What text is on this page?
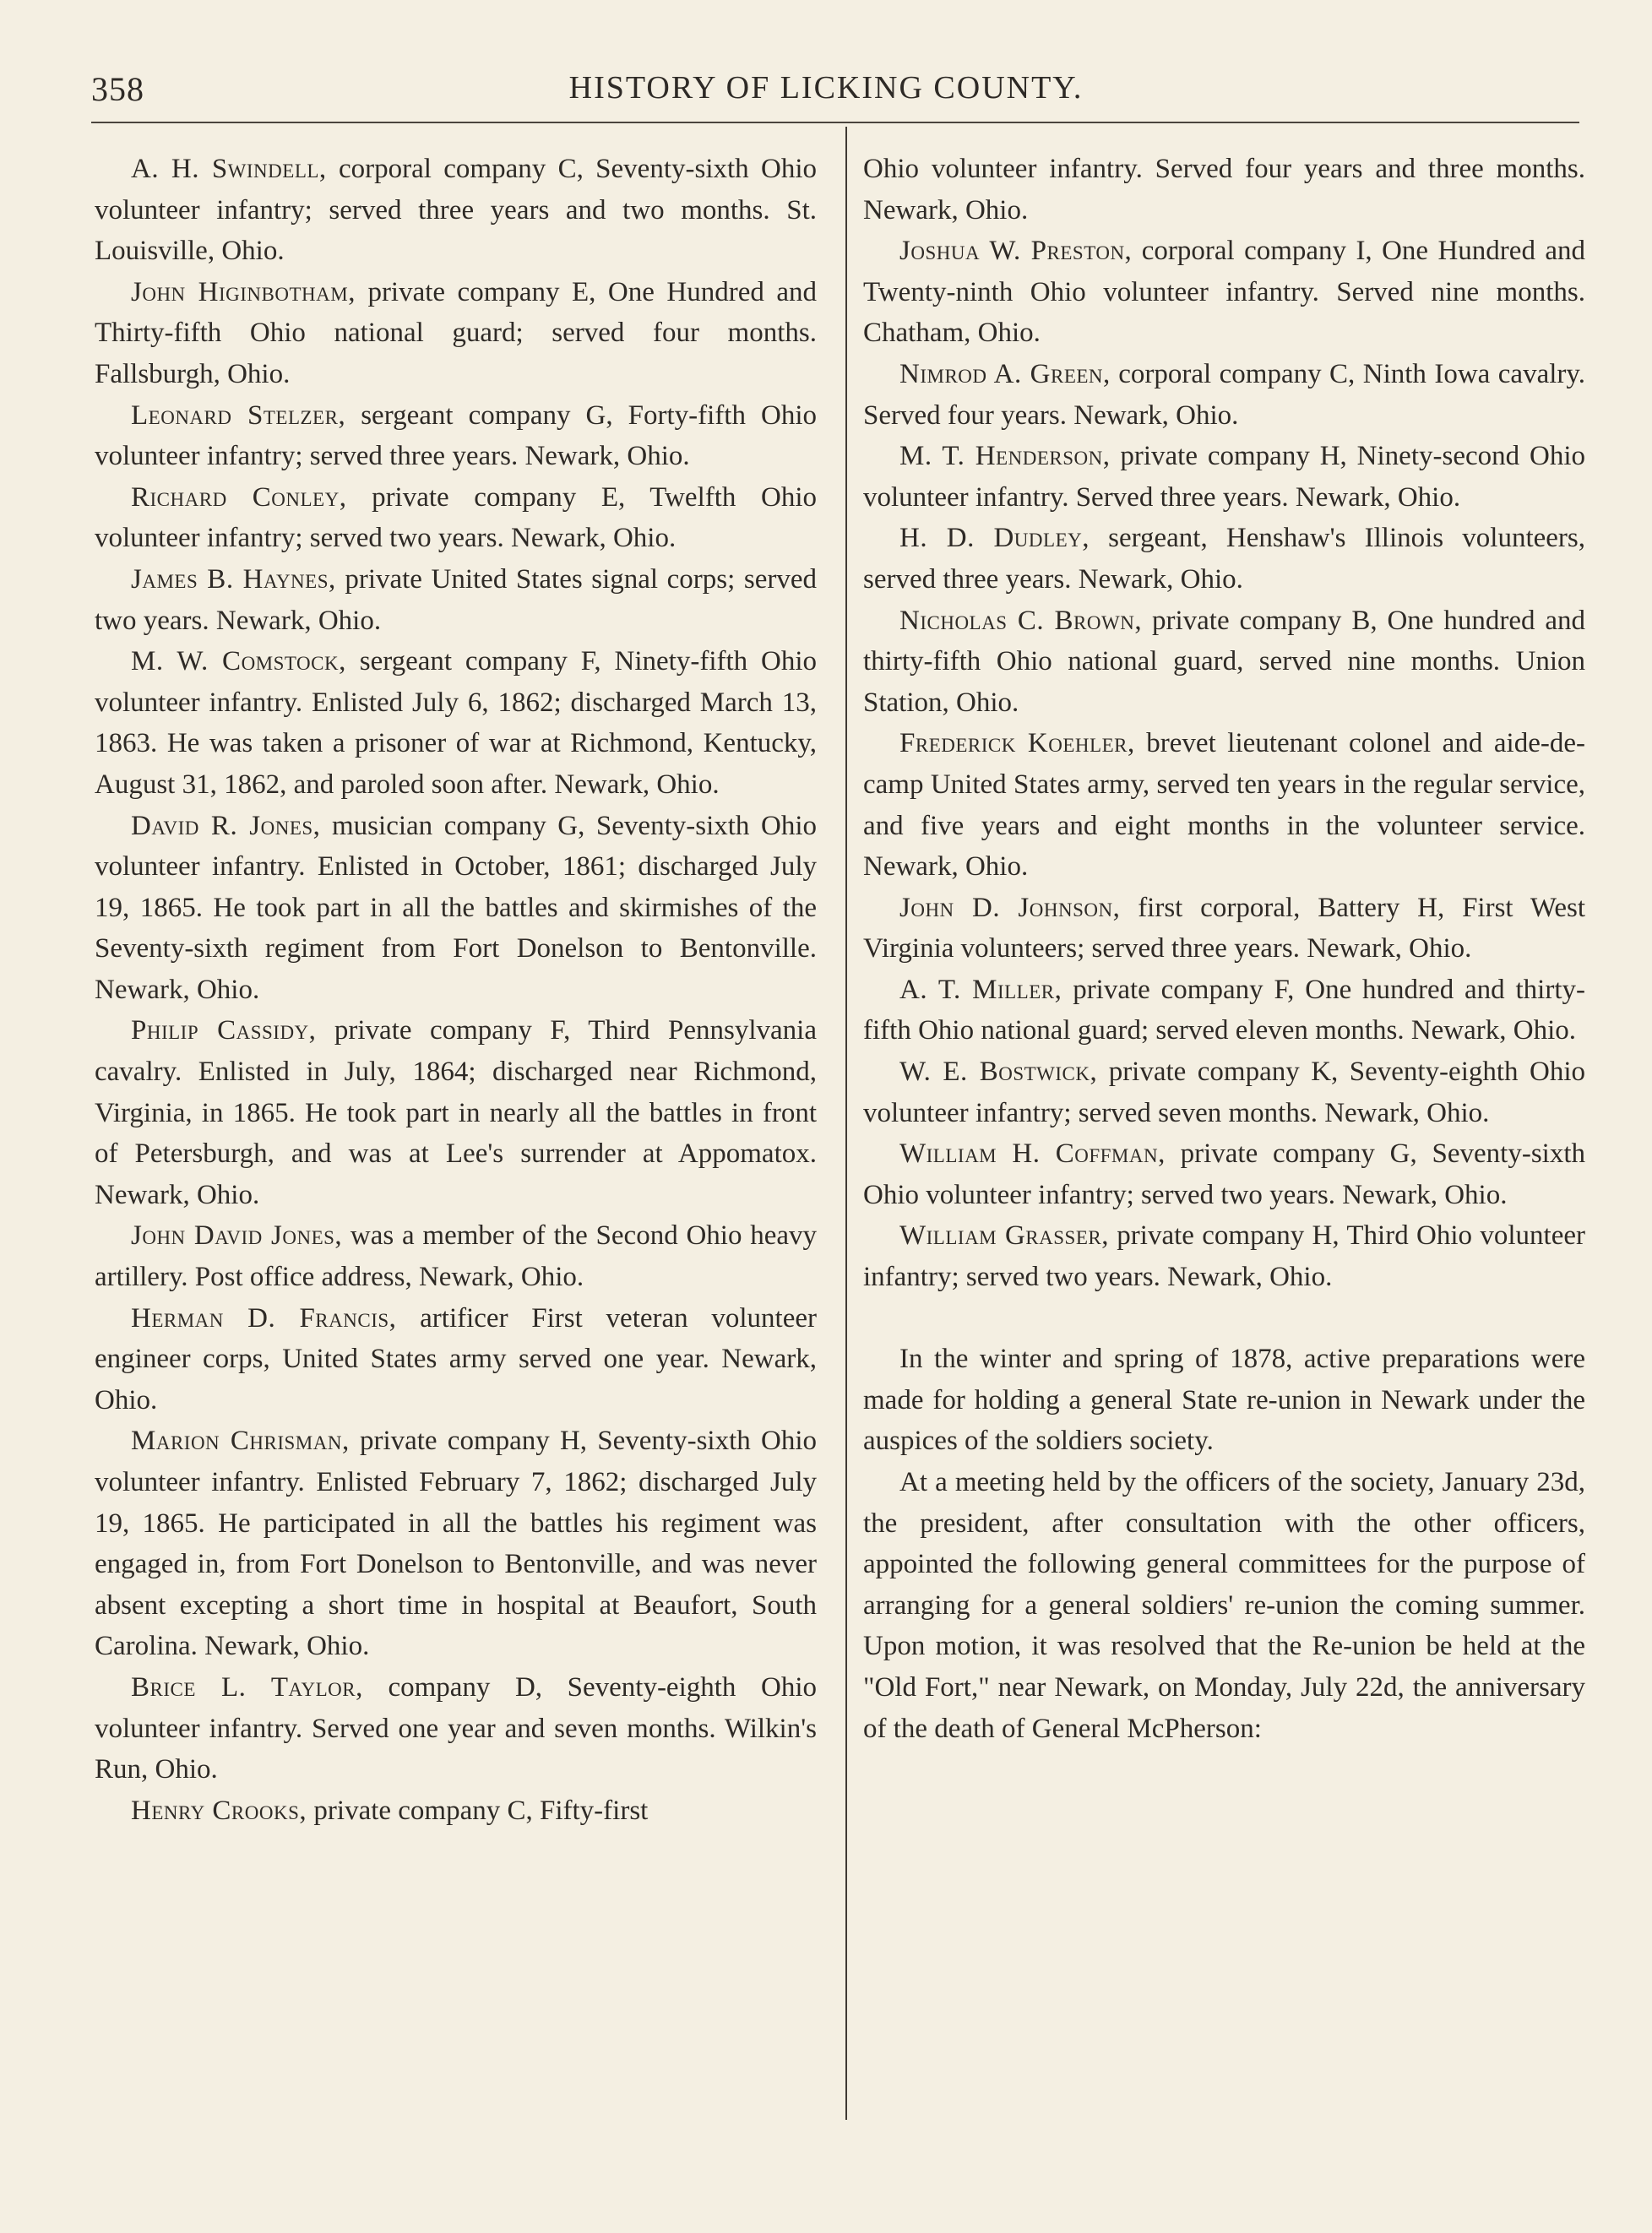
358	HISTORY OF LICKING COUNTY.

A. H. Swindell, corporal company C, Seventy-sixth Ohio volunteer infantry; served three years and two months. St. Louisville, Ohio.

John Higinbotham, private company E, One Hundred and Thirty-fifth Ohio national guard; served four months. Fallsburgh, Ohio.

Leonard Stelzer, sergeant company G, Forty-fifth Ohio volunteer infantry; served three years. Newark, Ohio.

Richard Conley, private company E, Twelfth Ohio volunteer infantry; served two years. Newark, Ohio.

James B. Haynes, private United States signal corps; served two years. Newark, Ohio.

M. W. Comstock, sergeant company F, Ninety-fifth Ohio volunteer infantry. Enlisted July 6, 1862; discharged March 13, 1863. He was taken a prisoner of war at Richmond, Kentucky, August 31, 1862, and paroled soon after. Newark, Ohio.

David R. Jones, musician company G, Seventy-sixth Ohio volunteer infantry. Enlisted in October, 1861; discharged July 19, 1865. He took part in all the battles and skirmishes of the Seventy-sixth regiment from Fort Donelson to Bentonville. Newark, Ohio.

Philip Cassidy, private company F, Third Pennsylvania cavalry. Enlisted in July, 1864; discharged near Richmond, Virginia, in 1865. He took part in nearly all the battles in front of Petersburgh, and was at Lee's surrender at Appomatox. Newark, Ohio.

John David Jones, was a member of the Second Ohio heavy artillery. Post office address, Newark, Ohio.

Herman D. Francis, artificer First veteran volunteer engineer corps, United States army served one year. Newark, Ohio.

Marion Chrisman, private company H, Seventy-sixth Ohio volunteer infantry. Enlisted February 7, 1862; discharged July 19, 1865. He participated in all the battles his regiment was engaged in, from Fort Donelson to Bentonville, and was never absent excepting a short time in hospital at Beaufort, South Carolina. Newark, Ohio.

Brice L. Taylor, company D, Seventy-eighth Ohio volunteer infantry. Served one year and seven months. Wilkin's Run, Ohio.

Henry Crooks, private company C, Fifty-first

Ohio volunteer infantry. Served four years and three months. Newark, Ohio.

Joshua W. Preston, corporal company I, One Hundred and Twenty-ninth Ohio volunteer infantry. Served nine months. Chatham, Ohio.

Nimrod A. Green, corporal company C, Ninth Iowa cavalry. Served four years. Newark, Ohio.

M. T. Henderson, private company H, Ninety-second Ohio volunteer infantry. Served three years. Newark, Ohio.

H. D. Dudley, sergeant, Henshaw's Illinois volunteers, served three years. Newark, Ohio.

Nicholas C. Brown, private company B, One hundred and thirty-fifth Ohio national guard, served nine months. Union Station, Ohio.

Frederick Koehler, brevet lieutenant colonel and aide-de-camp United States army, served ten years in the regular service, and five years and eight months in the volunteer service. Newark, Ohio.

John D. Johnson, first corporal, Battery H, First West Virginia volunteers; served three years. Newark, Ohio.

A. T. Miller, private company F, One hundred and thirty-fifth Ohio national guard; served eleven months. Newark, Ohio.

W. E. Bostwick, private company K, Seventy-eighth Ohio volunteer infantry; served seven months. Newark, Ohio.

William H. Coffman, private company G, Seventy-sixth Ohio volunteer infantry; served two years. Newark, Ohio.

William Grasser, private company H, Third Ohio volunteer infantry; served two years. Newark, Ohio.

In the winter and spring of 1878, active preparations were made for holding a general State re-union in Newark under the auspices of the soldiers society.

At a meeting held by the officers of the society, January 23d, the president, after consultation with the other officers, appointed the following general committees for the purpose of arranging for a general soldiers' re-union the coming summer. Upon motion, it was resolved that the Re-union be held at the "Old Fort," near Newark, on Monday, July 22d, the anniversary of the death of General McPherson:
